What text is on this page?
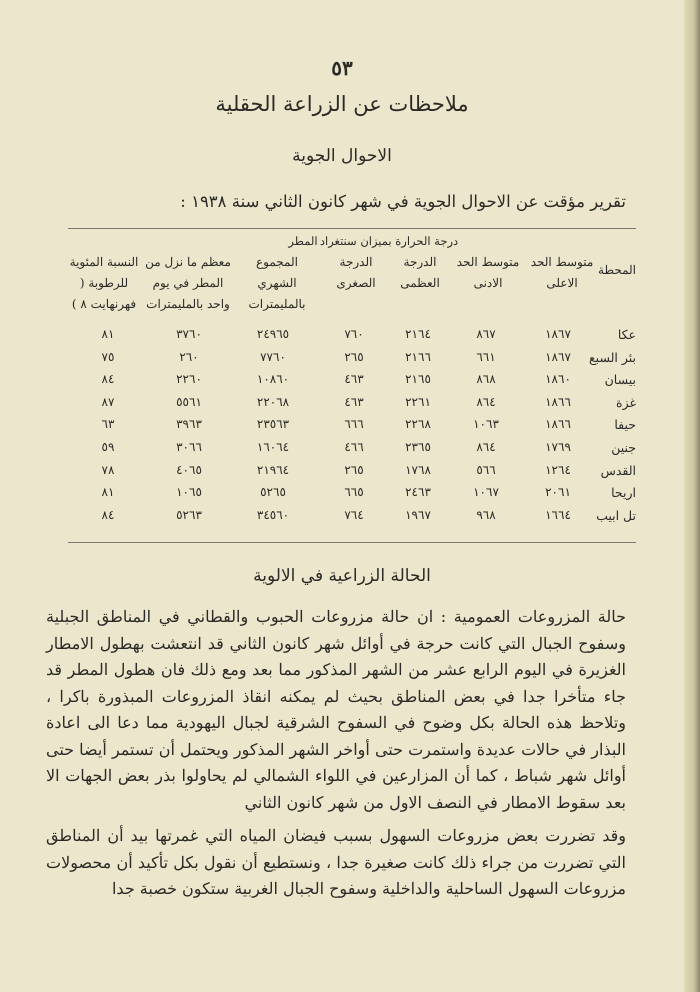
٥٣
ملاحظات عن الزراعة الحقلية
الاحوال الجوية
تقرير مؤقت عن الاحوال الجوية في شهر كانون الثاني سنة ١٩٣٨ :
درجة الحرارة بميزان سنتغراد
المطر
المحطة
متوسط الحد الاعلى
متوسط الحد الادنى
الدرجة العظمى
الدرجة الصغرى
المجموع الشهري بالمليمترات
معظم ما نزل من المطر في يوم واحد بالمليمترات
النسبة المئوية للرطوبة ( فهرنهايت ٨ )
عكا
١٨٦٧
٨٦٧
٢١٦٤
٧٦٠
٢٤٩٦٥
٣٧٦٠
٨١
بئر السبع
١٨٦٧
٦٦١
٢١٦٦
٢٦٥
٧٧٦٠
٢٦٠
٧٥
بيسان
١٨٦٠
٨٦٨
٢١٦٥
٤٦٣
١٠٨٦٠
٢٢٦٠
٨٤
غزة
١٨٦٦
٨٦٤
٢٢٦١
٤٦٣
٢٢٠٦٨
٥٥٦١
٨٧
حيفا
١٨٦٦
١٠٦٣
٢٢٦٨
٦٦٦
٢٣٥٦٣
٣٩٦٣
٦٣
جنين
١٧٦٩
٨٦٤
٢٣٦٥
٤٦٦
١٦٠٦٤
٣٠٦٦
٥٩
القدس
١٢٦٤
٥٦٦
١٧٦٨
٢٦٥
٢١٩٦٤
٤٠٦٥
٧٨
اريحا
٢٠٦١
١٠٦٧
٢٤٦٣
٦٦٥
٥٢٦٥
١٠٦٥
٨١
تل ابيب
١٦٦٤
٩٦٨
١٩٦٧
٧٦٤
٣٤٥٦٠
٥٢٦٣
٨٤
الحالة الزراعية في الالوية
حالة المزروعات العمومية : ان حالة مزروعات الحبوب والقطاني في المناطق الجبلية وسفوح الجبال التي كانت حرجة في أوائل شهر كانون الثاني قد انتعشت بهطول الامطار الغزيرة في اليوم الرابع عشر من الشهر المذكور مما بعد ومع ذلك فان هطول المطر قد جاء متأخرا جدا في بعض المناطق بحيث لم يمكنه انقاذ المزروعات المبذورة باكرا ، وتلاحظ هذه الحالة بكل وضوح في السفوح الشرقية لجبال اليهودية مما دعا الى اعادة البذار في حالات عديدة واستمرت حتى أواخر الشهر المذكور ويحتمل أن تستمر أيضا حتى أوائل شهر شباط ، كما أن المزارعين في اللواء الشمالي لم يحاولوا بذر بعض الجهات الا بعد سقوط الامطار في النصف الاول من شهر كانون الثاني
وقد تضررت بعض مزروعات السهول بسبب فيضان المياه التي غمرتها بيد أن المناطق التي تضررت من جراء ذلك كانت صغيرة جدا ، ونستطيع أن نقول بكل تأكيد أن محصولات مزروعات السهول الساحلية والداخلية وسفوح الجبال الغربية ستكون خصبة جدا
